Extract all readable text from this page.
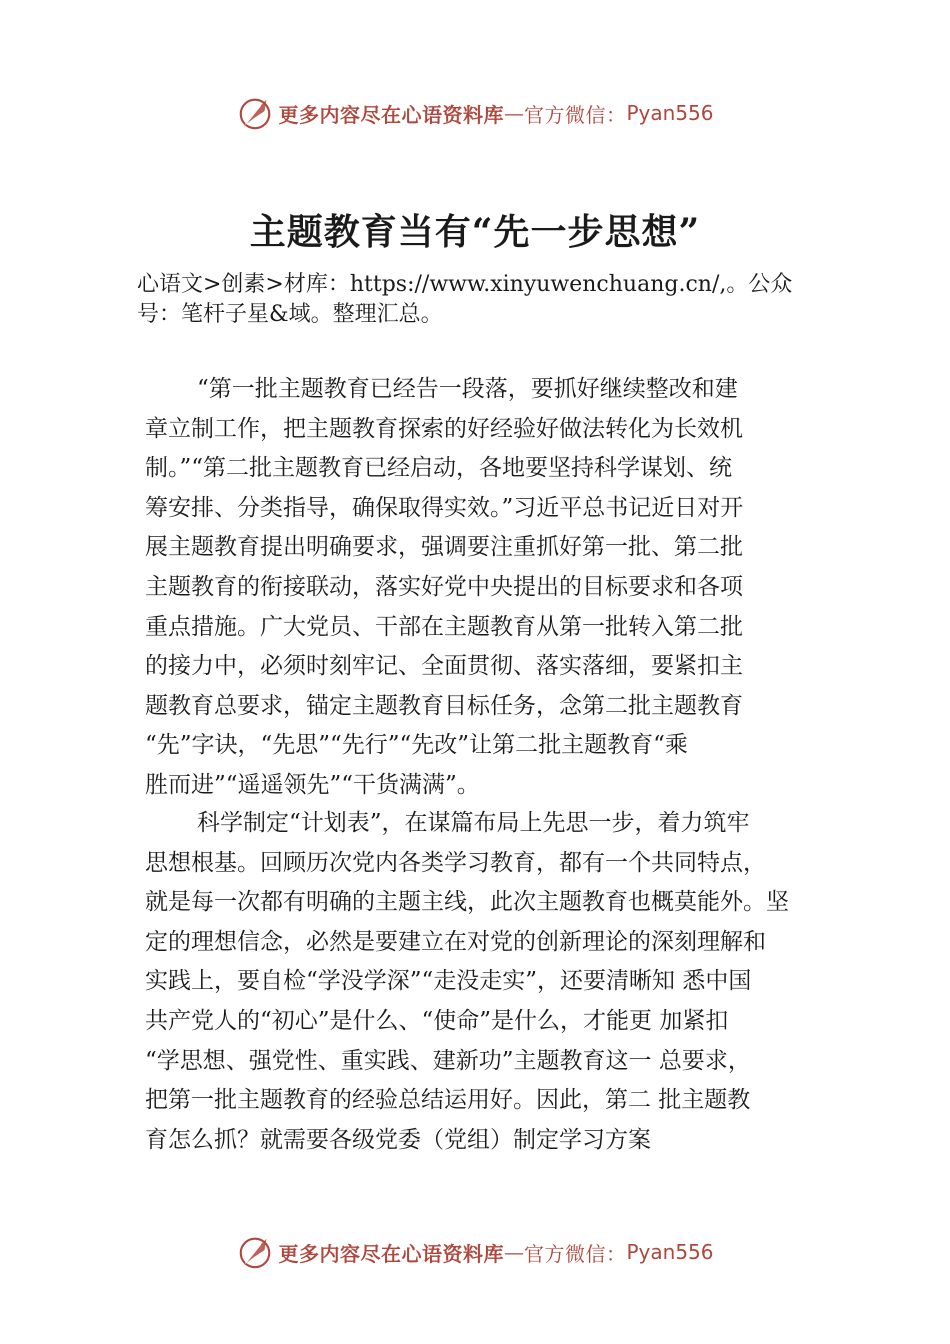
更多内容尽在心语资料库 — 官方微信： Pyan556
主题教育当有“先一步思想”

心语文>创素>材库：https://www.xinyuwenchuang.cn/,。公众
号：笔杆子星&域。整理汇总。

“第一批主题教育已经告一段落，要抓好继续整改和建
章立制工作，把主题教育探索的好经验好做法转化为长效机
制。”“第二批主题教育已经启动，各地要坚持科学谋划、统
筹安排、分类指导，确保取得实效。”习近平总书记近日对开
展主题教育提出明确要求，强调要注重抓好第一批、第二批
主题教育的衔接联动，落实好党中央提出的目标要求和各项
重点措施。广大党员、干部在主题教育从第一批转入第二批
的接力中，必须时刻牢记、全面贯彻、落实落细，要紧扣主
题教育总要求，锚定主题教育目标任务，念第二批主题教育
“先”字诀，“先思”“先行”“先改”让第二批主题教育“乘
胜而进”“遥遥领先”“干货满满”。
科学制定“计划表”，在谋篇布局上先思一步，着力筑牢
思想根基。回顾历次党内各类学习教育，都有一个共同特点，
就是每一次都有明确的主题主线，此次主题教育也概莫能外。坚
定的理想信念，必然是要建立在对党的创新理论的深刻理解和
实践上，要自检“学没学深”“走没走实”，还要清晰知 悉中国
共产党人的“初心”是什么、“使命”是什么，才能更 加紧扣
“学思想、强党性、重实践、建新功”主题教育这一 总要求，
把第一批主题教育的经验总结运用好。因此，第二 批主题教
育怎么抓？就需要各级党委（党组）制定学习方案
更多内容尽在心语资料库 — 官方微信： Pyan556
